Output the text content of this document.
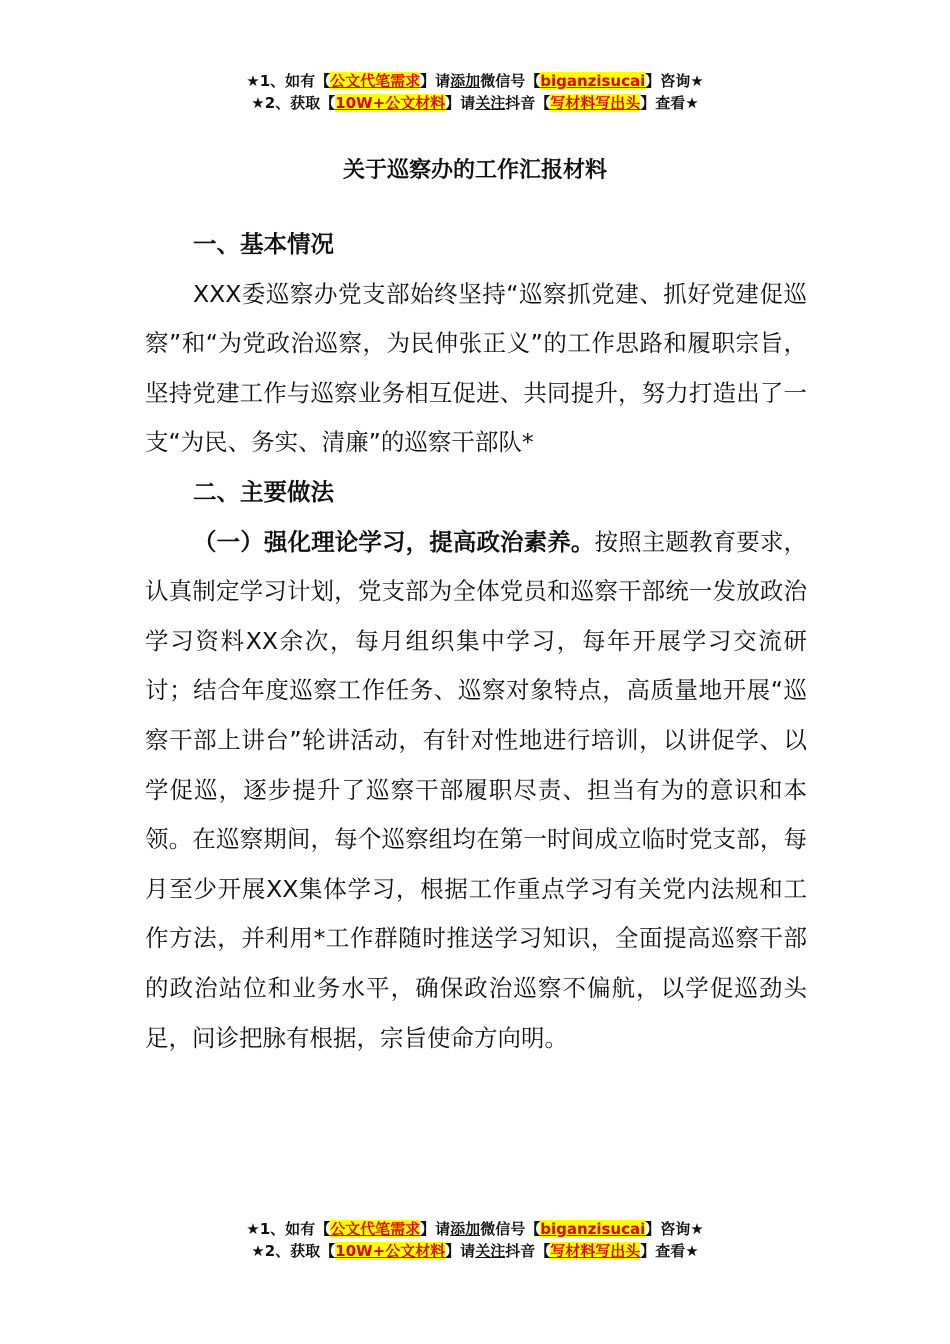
★1、如有【公文代笔需求】请添加微信号【biganzisucai】咨询★
★2、获取【10W+公文材料】请关注抖音【写材料写出头】查看★
关于巡察办的工作汇报材料

一、基本情况

XXX委巡察办党支部始终坚持“巡察抓党建、抓好党建促巡察”和“为党政治巡察，为民伸张正义”的工作思路和履职宗旨，坚持党建工作与巡察业务相互促进、共同提升，努力打造出了一支“为民、务实、清廉”的巡察干部队*

二、主要做法

（一）强化理论学习，提高政治素养。按照主题教育要求，认真制定学习计划，党支部为全体党员和巡察干部统一发放政治学习资料XX余次，每月组织集中学习，每年开展学习交流研讨；结合年度巡察工作任务、巡察对象特点，高质量地开展“巡察干部上讲台”轮讲活动，有针对性地进行培训，以讲促学、以学促巡，逐步提升了巡察干部履职尽责、担当有为的意识和本领。在巡察期间，每个巡察组均在第一时间成立临时党支部，每月至少开展XX集体学习，根据工作重点学习有关党内法规和工作方法，并利用*工作群随时推送学习知识，全面提高巡察干部的政治站位和业务水平，确保政治巡察不偏航，以学促巡劲头足，问诊把脉有根据，宗旨使命方向明。

★1、如有【公文代笔需求】请添加微信号【biganzisucai】咨询★
★2、获取【10W+公文材料】请关注抖音【写材料写出头】查看★
